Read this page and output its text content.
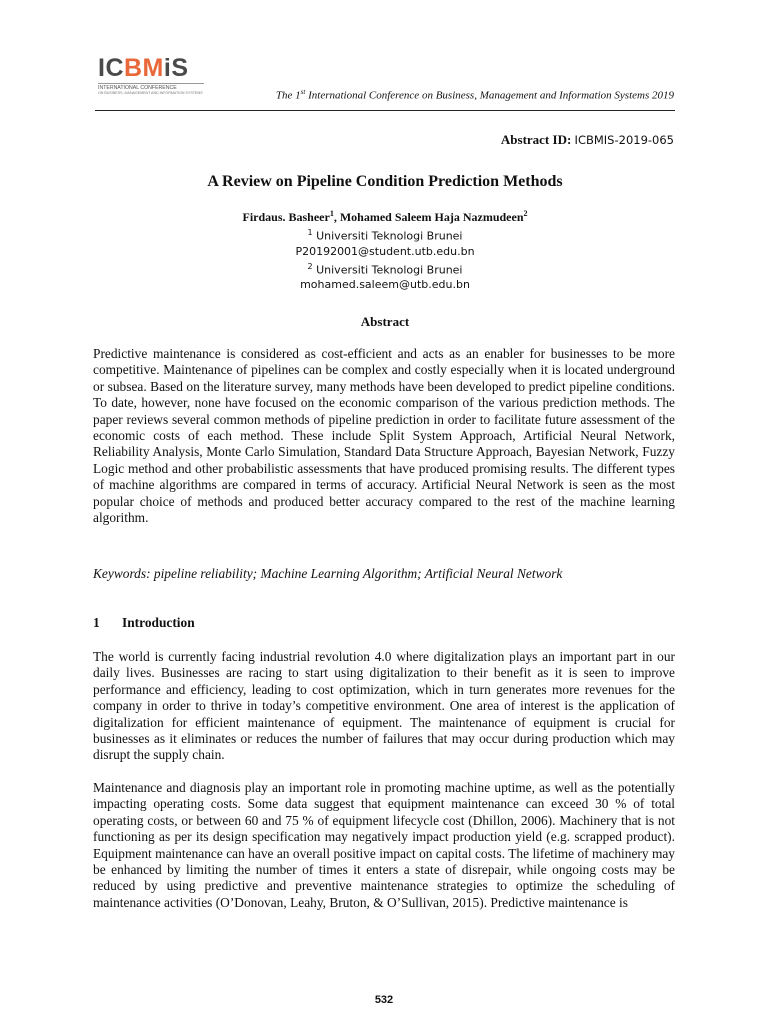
ICBMiS
INTERNATIONAL CONFERENCE
ON BUSINESS, MANAGEMENT AND INFORMATION SYSTEMS	The 1st International Conference on Business, Management and Information Systems 2019
Abstract ID: ICBMIS-2019-065
A Review on Pipeline Condition Prediction Methods
Firdaus. Basheer$^1$, Mohamed Saleem Haja Nazmudeen$^2$
$^1$ Universiti Teknologi Brunei
P20192001@student.utb.edu.bn
$^2$ Universiti Teknologi Brunei
mohamed.saleem@utb.edu.bn
Abstract
Predictive maintenance is considered as cost-efficient and acts as an enabler for businesses to be more competitive. Maintenance of pipelines can be complex and costly especially when it is located underground or subsea. Based on the literature survey, many methods have been developed to predict pipeline conditions. To date, however, none have focused on the economic comparison of the various prediction methods. The paper reviews several common methods of pipeline prediction in order to facilitate future assessment of the economic costs of each method. These include Split System Approach, Artificial Neural Network, Reliability Analysis, Monte Carlo Simulation, Standard Data Structure Approach, Bayesian Network, Fuzzy Logic method and other probabilistic assessments that have produced promising results. The different types of machine algorithms are compared in terms of accuracy. Artificial Neural Network is seen as the most popular choice of methods and produced better accuracy compared to the rest of the machine learning algorithm.
Keywords: pipeline reliability; Machine Learning Algorithm; Artificial Neural Network
1 Introduction
The world is currently facing industrial revolution 4.0 where digitalization plays an important part in our daily lives. Businesses are racing to start using digitalization to their benefit as it is seen to improve performance and efficiency, leading to cost optimization, which in turn generates more revenues for the company in order to thrive in today’s competitive environment. One area of interest is the application of digitalization for efficient maintenance of equipment. The maintenance of equipment is crucial for businesses as it eliminates or reduces the number of failures that may occur during production which may disrupt the supply chain.
Maintenance and diagnosis play an important role in promoting machine uptime, as well as the potentially impacting operating costs. Some data suggest that equipment maintenance can exceed 30 % of total operating costs, or between 60 and 75 % of equipment lifecycle cost (Dhillon, 2006). Machinery that is not functioning as per its design specification may negatively impact production yield (e.g. scrapped product). Equipment maintenance can have an overall positive impact on capital costs. The lifetime of machinery may be enhanced by limiting the number of times it enters a state of disrepair, while ongoing costs may be reduced by using predictive and preventive maintenance strategies to optimize the scheduling of maintenance activities (O’Donovan, Leahy, Bruton, & O’Sullivan, 2015). Predictive maintenance is
532
